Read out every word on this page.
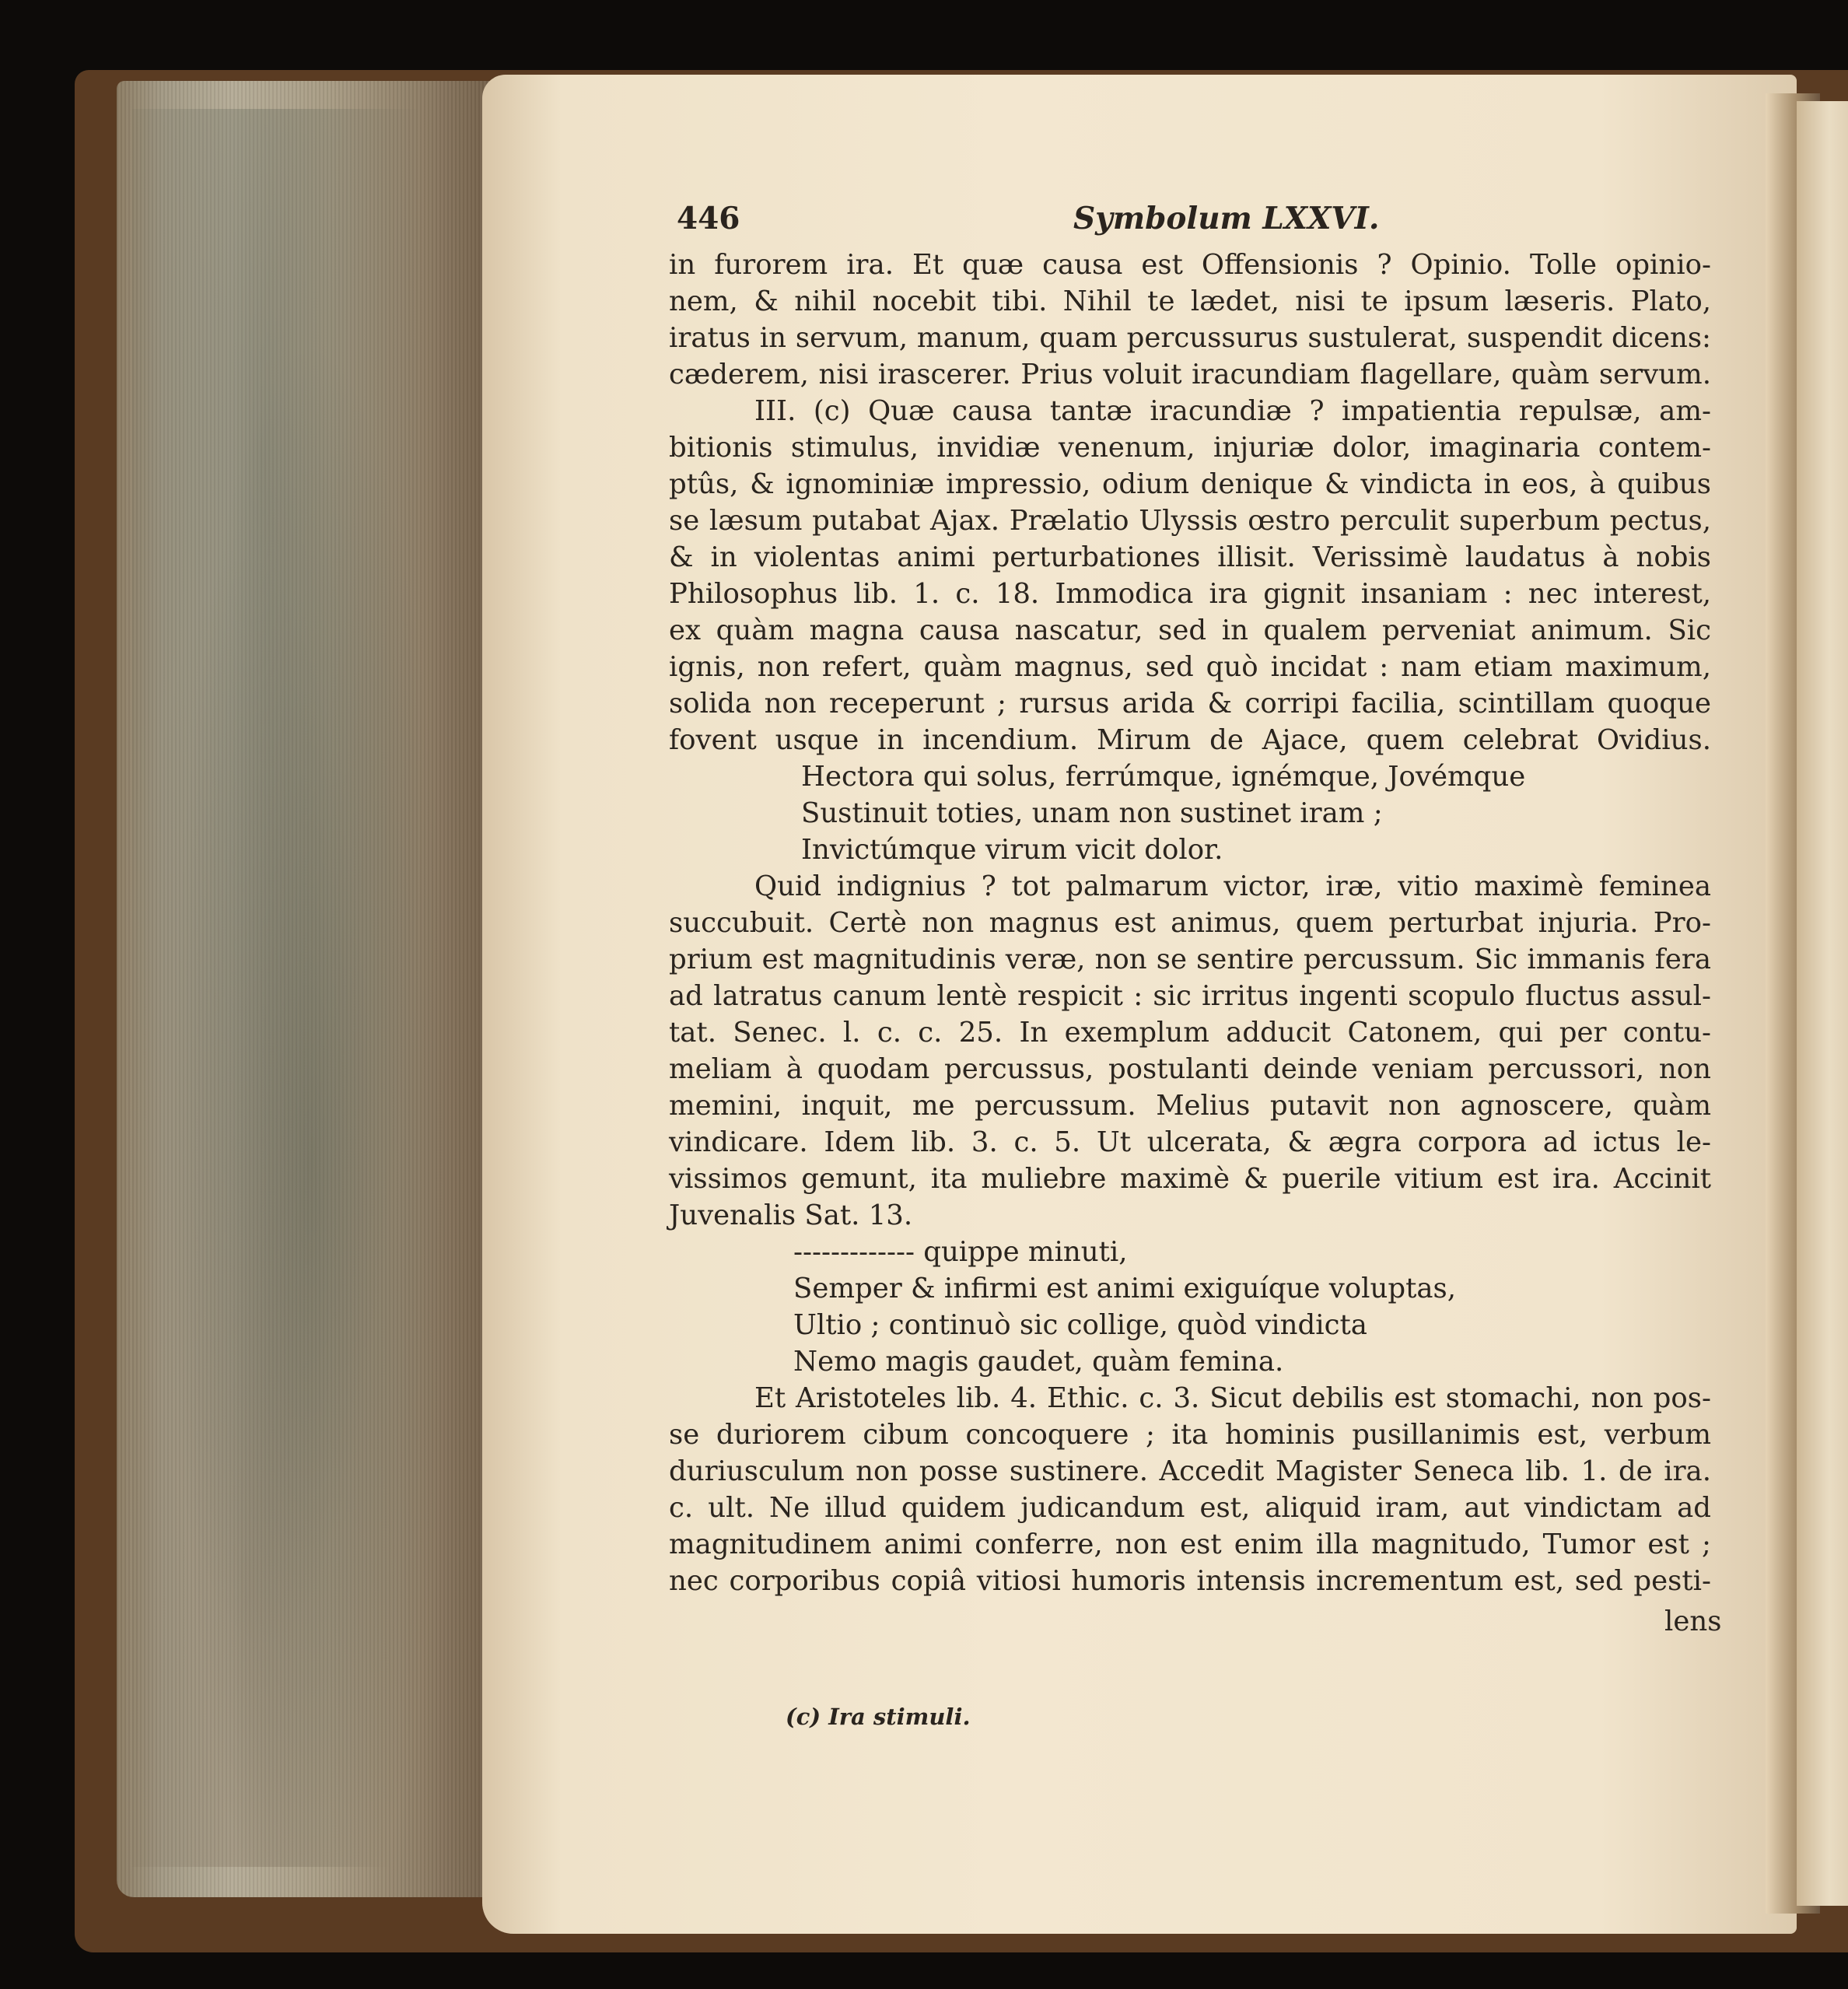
446	Symbolum LXXVI.
in furorem ira. Et quæ causa est Offensionis ? Opinio. Tolle opinio-
nem, & nihil nocebit tibi. Nihil te lædet, nisi te ipsum læseris. Plato,
iratus in servum, manum, quam percussurus sustulerat, suspendit dicens:
cæderem, nisi irascerer. Prius voluit iracundiam flagellare, quàm servum.
III. (c) Quæ causa tantæ iracundiæ ? impatientia repulsæ, am-
bitionis stimulus, invidiæ venenum, injuriæ dolor, imaginaria contem-
ptûs, & ignominiæ impressio, odium denique & vindicta in eos, à quibus
se læsum putabat Ajax. Prælatio Ulyssis œstro perculit superbum pectus,
& in violentas animi perturbationes illisit. Verissimè laudatus à nobis
Philosophus lib. 1. c. 18. Immodica ira gignit insaniam : nec interest,
ex quàm magna causa nascatur, sed in qualem perveniat animum. Sic
ignis, non refert, quàm magnus, sed quò incidat : nam etiam maximum,
solida non receperunt ; rursus arida & corripi facilia, scintillam quoque
fovent usque in incendium. Mirum de Ajace, quem celebrat Ovidius.
Hectora qui solus, ferrúmque, ignémque, Jovémque
Sustinuit toties, unam non sustinet iram ;
Invictúmque virum vicit dolor.
Quid indignius ? tot palmarum victor, iræ, vitio maximè feminea
succubuit. Certè non magnus est animus, quem perturbat injuria. Pro-
prium est magnitudinis veræ, non se sentire percussum. Sic immanis fera
ad latratus canum lentè respicit : sic irritus ingenti scopulo fluctus assul-
tat. Senec. l. c. c. 25. In exemplum adducit Catonem, qui per contu-
meliam à quodam percussus, postulanti deinde veniam percussori, non
memini, inquit, me percussum. Melius putavit non agnoscere, quàm
vindicare. Idem lib. 3. c. 5. Ut ulcerata, & ægra corpora ad ictus le-
vissimos gemunt, ita muliebre maximè & puerile vitium est ira. Accinit
Juvenalis Sat. 13.
------------- quippe minuti,
Semper & infirmi est animi exiguíque voluptas,
Ultio ; continuò sic collige, quòd vindicta
Nemo magis gaudet, quàm femina.
Et Aristoteles lib. 4. Ethic. c. 3. Sicut debilis est stomachi, non pos-
se duriorem cibum concoquere ; ita hominis pusillanimis est, verbum
duriusculum non posse sustinere. Accedit Magister Seneca lib. 1. de ira.
c. ult. Ne illud quidem judicandum est, aliquid iram, aut vindictam ad
magnitudinem animi conferre, non est enim illa magnitudo, Tumor est ;
nec corporibus copiâ vitiosi humoris intensis incrementum est, sed pesti-
lens
(c) Ira stimuli.
